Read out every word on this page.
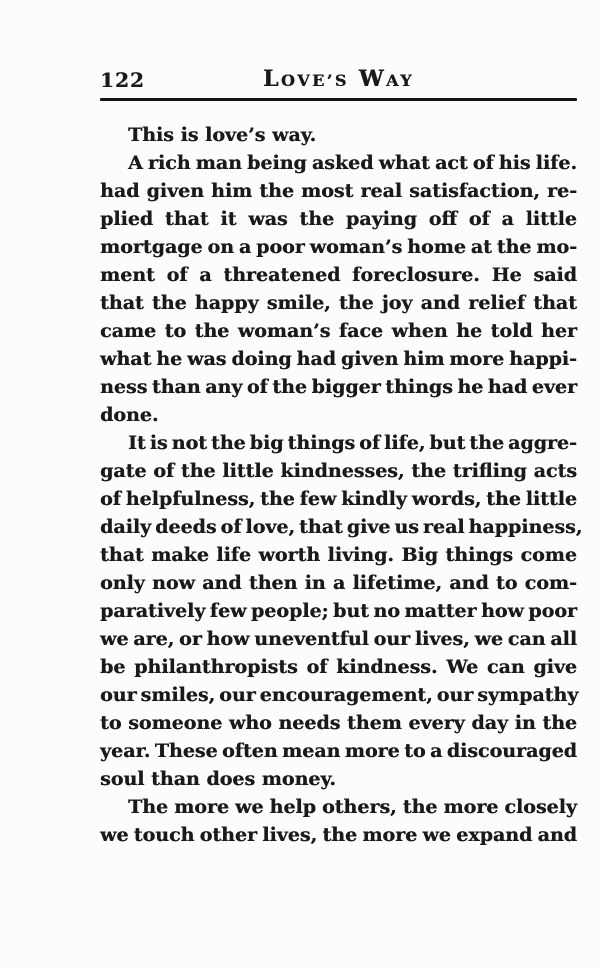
122	LOVE’S WAY
This is love’s way.
A rich man being asked what act of his life.
had given him the most real satisfaction, re-
plied that it was the paying off of a little
mortgage on a poor woman’s home at the mo-
ment of a threatened foreclosure. He said
that the happy smile, the joy and relief that
came to the woman’s face when he told her
what he was doing had given him more happi-
ness than any of the bigger things he had ever
done.
It is not the big things of life, but the aggre-
gate of the little kindnesses, the trifling acts
of helpfulness, the few kindly words, the little
daily deeds of love, that give us real happiness,
that make life worth living. Big things come
only now and then in a lifetime, and to com-
paratively few people; but no matter how poor
we are, or how uneventful our lives, we can all
be philanthropists of kindness. We can give
our smiles, our encouragement, our sympathy
to someone who needs them every day in the
year. These often mean more to a discouraged
soul than does money.
The more we help others, the more closely
we touch other lives, the more we expand and
